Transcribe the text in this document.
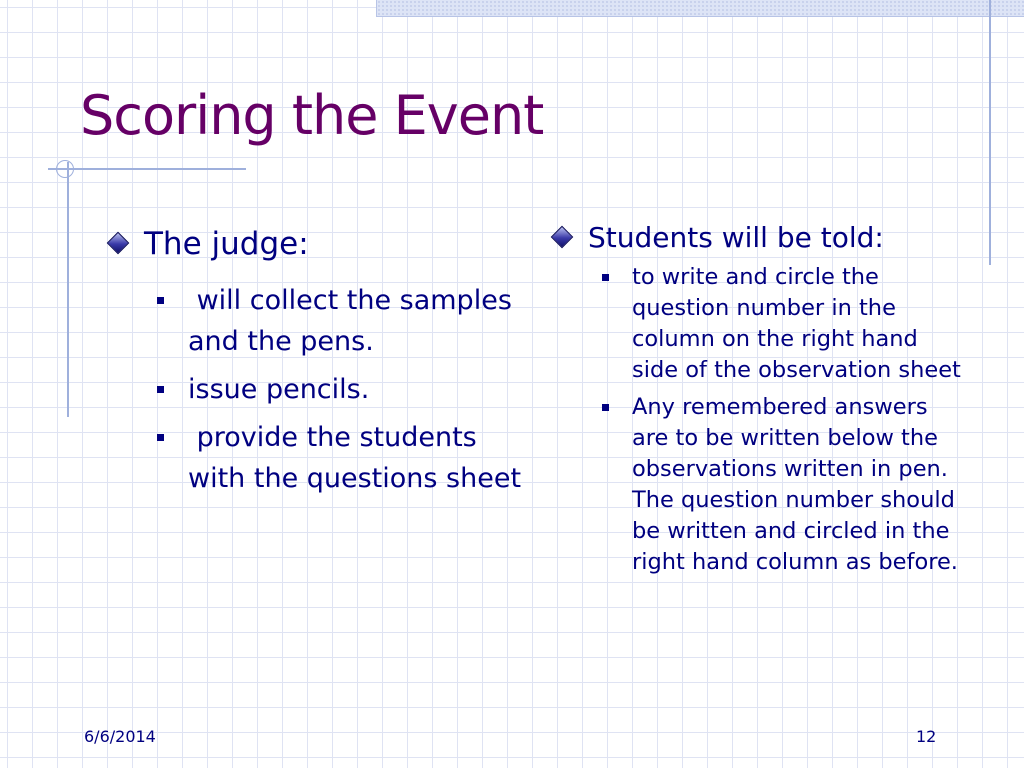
Scoring the Event

The judge:

will collect the samples and the pens.
issue pencils.
provide the students with the questions sheet

Students will be told:

to write and circle the question number in the column on the right hand side of the observation sheet
Any remembered answers are to be written below the observations written in pen.   The question number should be written and circled in the right hand column as before.
6/6/2014	12
